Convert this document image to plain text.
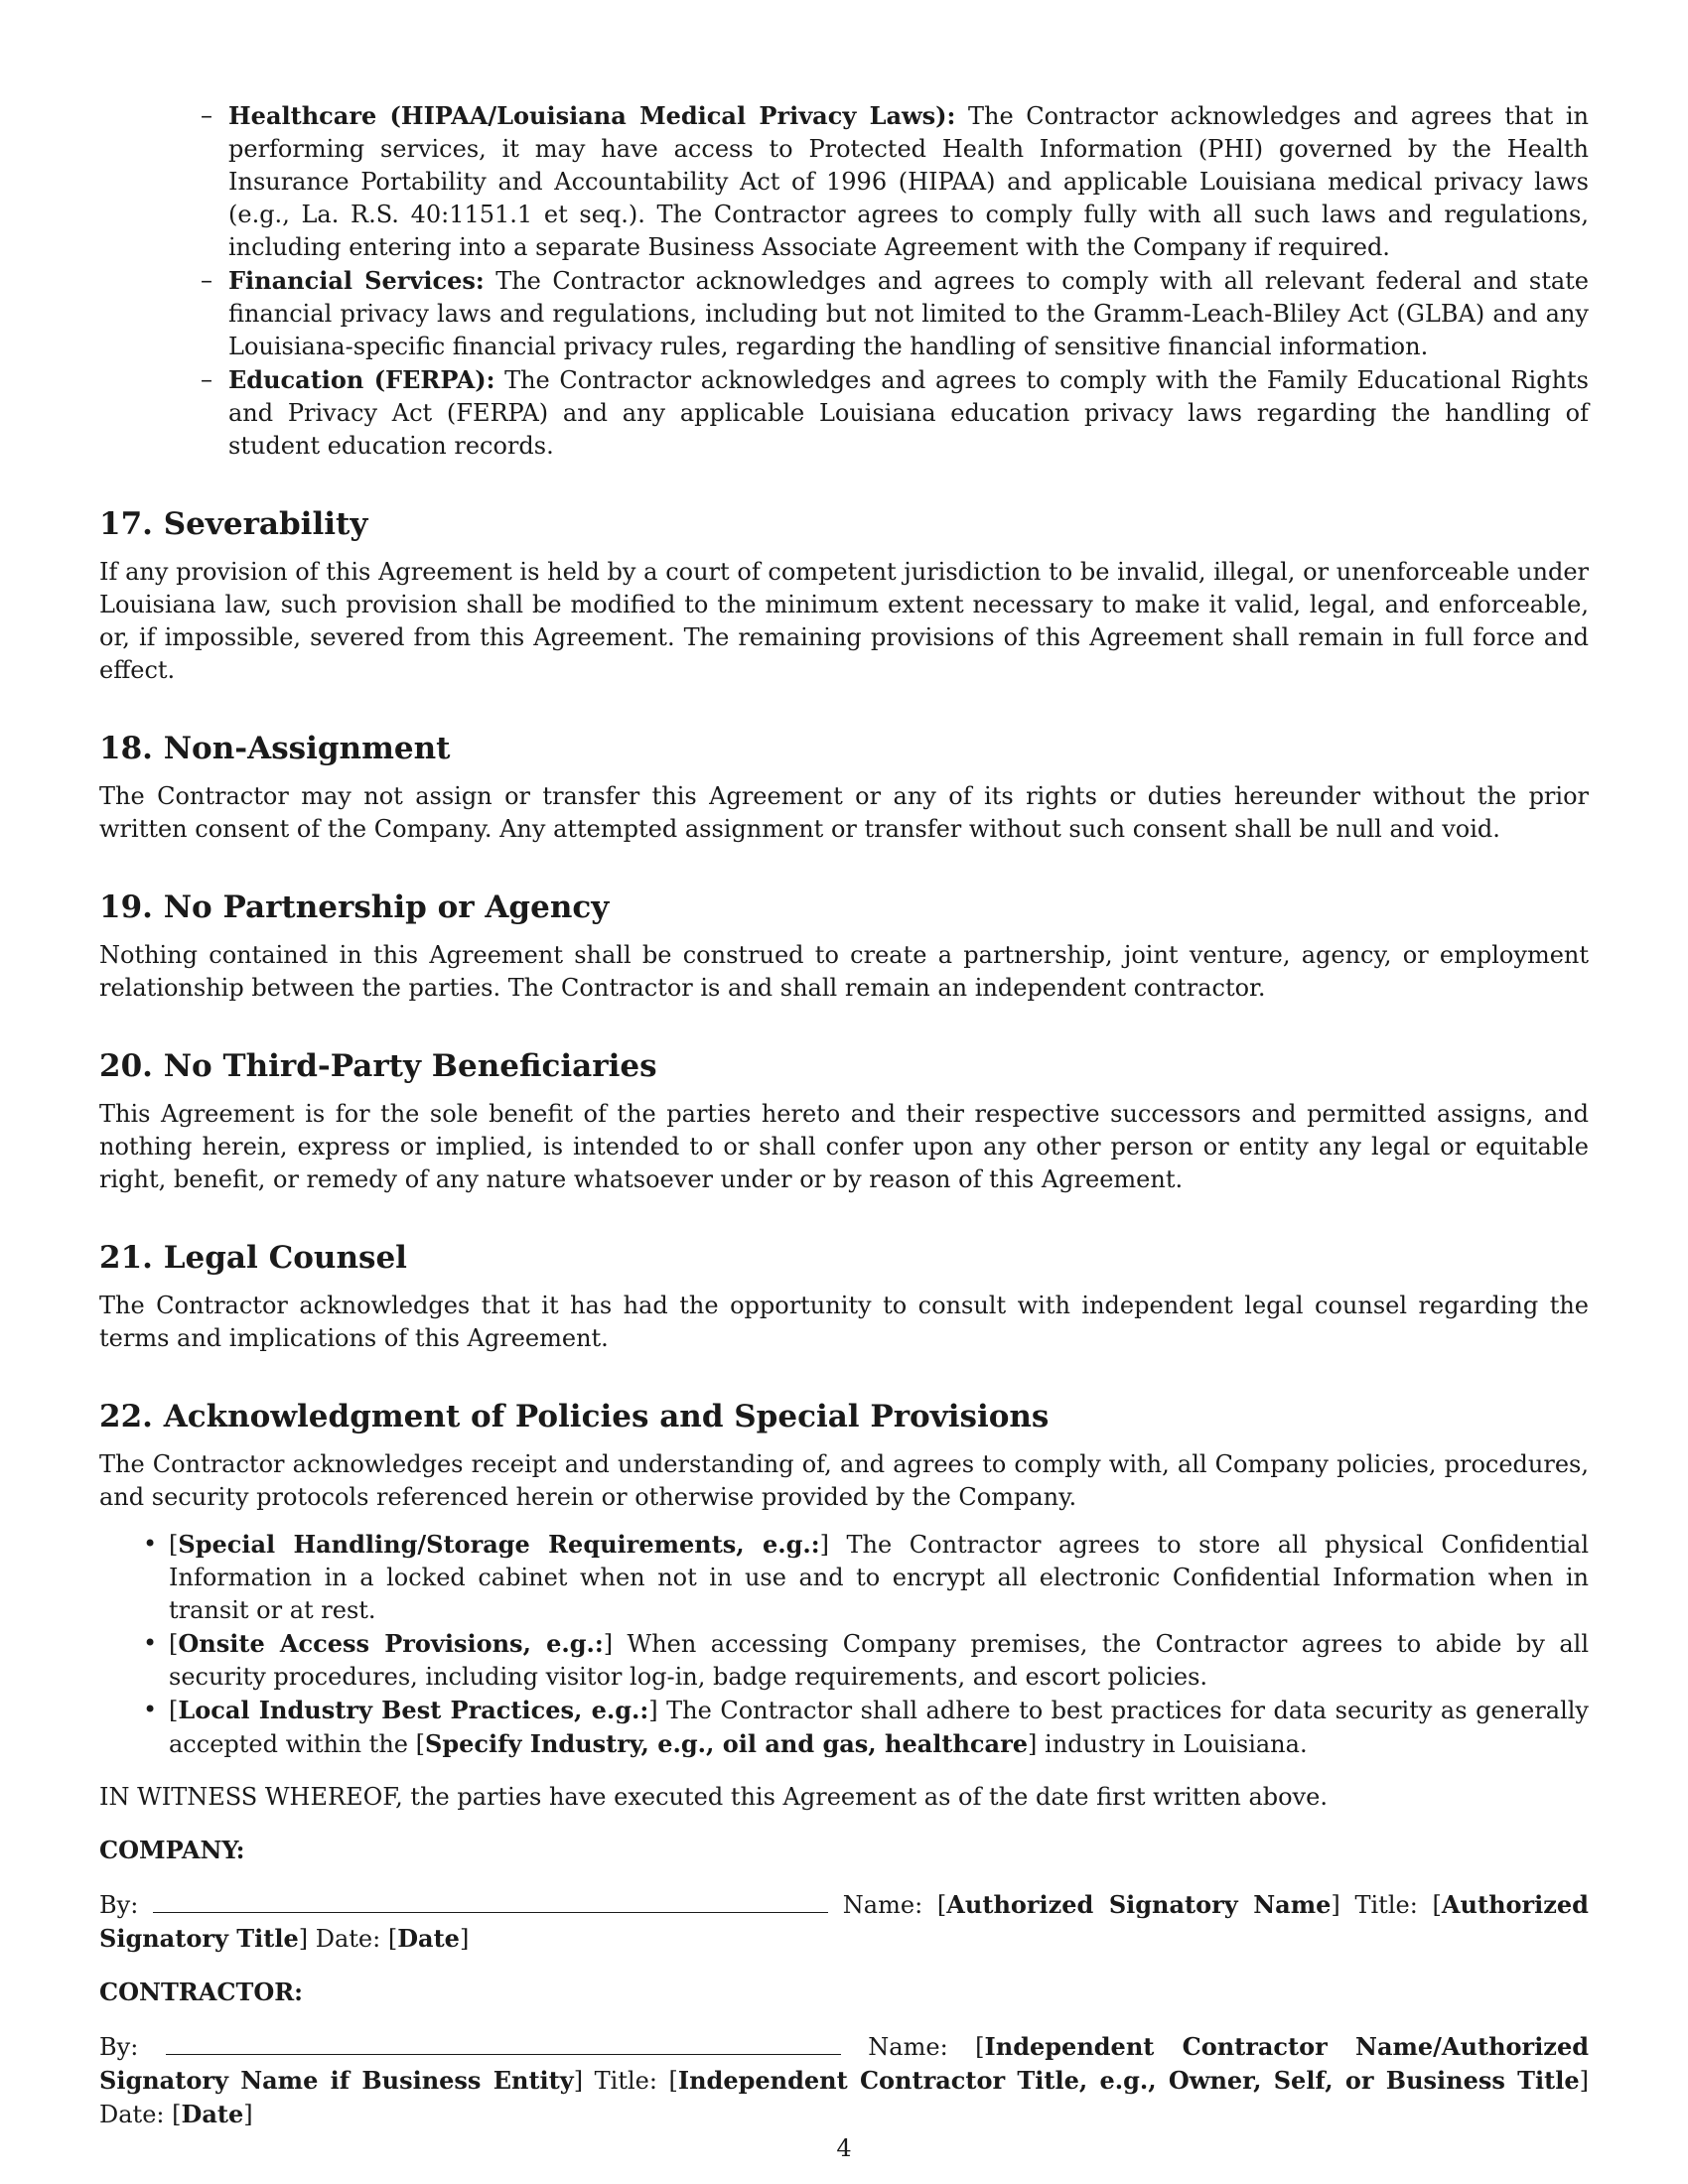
– Healthcare (HIPAA/Louisiana Medical Privacy Laws): The Contractor acknowledges and agrees that in performing services, it may have access to Protected Health Information (PHI) governed by the Health Insurance Portability and Accountability Act of 1996 (HIPAA) and applicable Louisiana medical privacy laws (e.g., La. R.S. 40:1151.1 et seq.). The Contractor agrees to comply fully with all such laws and regulations, including entering into a separate Business Associate Agreement with the Company if required.
– Financial Services: The Contractor acknowledges and agrees to comply with all relevant federal and state financial privacy laws and regulations, including but not limited to the Gramm-Leach-Bliley Act (GLBA) and any Louisiana-specific financial privacy rules, regarding the handling of sensitive financial information.
– Education (FERPA): The Contractor acknowledges and agrees to comply with the Family Educational Rights and Privacy Act (FERPA) and any applicable Louisiana education privacy laws regarding the handling of student education records.
17. Severability

If any provision of this Agreement is held by a court of competent jurisdiction to be invalid, illegal, or unenforceable under Louisiana law, such provision shall be modified to the minimum extent necessary to make it valid, legal, and enforceable, or, if impossible, severed from this Agreement. The remaining provisions of this Agreement shall remain in full force and effect.

18. Non-Assignment

The Contractor may not assign or transfer this Agreement or any of its rights or duties hereunder without the prior written consent of the Company. Any attempted assignment or transfer without such consent shall be null and void.

19. No Partnership or Agency

Nothing contained in this Agreement shall be construed to create a partnership, joint venture, agency, or employment relationship between the parties. The Contractor is and shall remain an independent contractor.

20. No Third-Party Beneficiaries

This Agreement is for the sole benefit of the parties hereto and their respective successors and permitted assigns, and nothing herein, express or implied, is intended to or shall confer upon any other person or entity any legal or equitable right, benefit, or remedy of any nature whatsoever under or by reason of this Agreement.

21. Legal Counsel

The Contractor acknowledges that it has had the opportunity to consult with independent legal counsel regarding the terms and implications of this Agreement.

22. Acknowledgment of Policies and Special Provisions

The Contractor acknowledges receipt and understanding of, and agrees to comply with, all Company policies, procedures, and security protocols referenced herein or otherwise provided by the Company.

• [Special Handling/Storage Requirements, e.g.:] The Contractor agrees to store all physical Confidential Information in a locked cabinet when not in use and to encrypt all electronic Confidential Information when in transit or at rest.
• [Onsite Access Provisions, e.g.:] When accessing Company premises, the Contractor agrees to abide by all security procedures, including visitor log-in, badge requirements, and escort policies.
• [Local Industry Best Practices, e.g.:] The Contractor shall adhere to best practices for data security as generally accepted within the [Specify Industry, e.g., oil and gas, healthcare] industry in Louisiana.

IN WITNESS WHEREOF, the parties have executed this Agreement as of the date first written above.

COMPANY:

By:	Name: [Authorized Signatory Name] Title: [Authorized Signatory Title] Date: [Date]

CONTRACTOR:

By:	Name: [Independent Contractor Name/Authorized Signatory Name if Business Entity] Title: [Independent Contractor Title, e.g., Owner, Self, or Business Title] Date: [Date]

4
